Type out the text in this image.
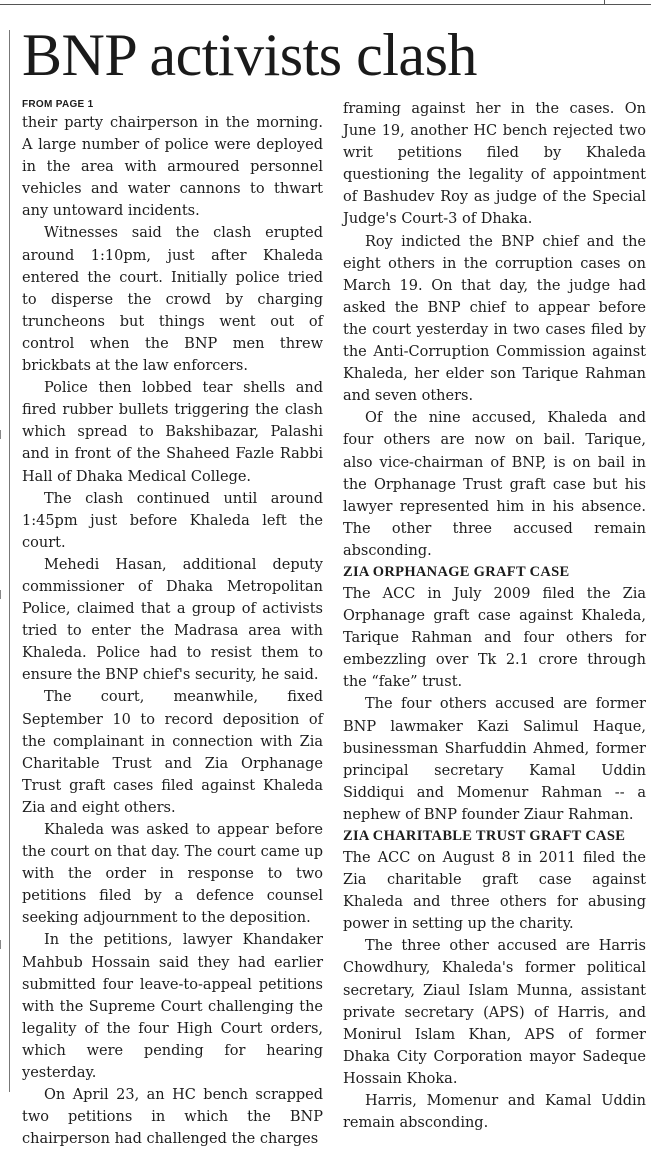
BNP activists clash
FROM PAGE 1

their party chairperson in the morning. A large number of police were deployed in the area with armoured personnel vehicles and water cannons to thwart any untoward incidents.

Witnesses said the clash erupted around 1:10pm, just after Khaleda entered the court. Initially police tried to disperse the crowd by charging truncheons but things went out of control when the BNP men threw brickbats at the law enforcers.

Police then lobbed tear shells and fired rubber bullets triggering the clash which spread to Bakshibazar, Palashi and in front of the Shaheed Fazle Rabbi Hall of Dhaka Medical College.

The clash continued until around 1:45pm just before Khaleda left the court.

Mehedi Hasan, additional deputy commissioner of Dhaka Metropolitan Police, claimed that a group of activists tried to enter the Madrasa area with Khaleda. Police had to resist them to ensure the BNP chief's security, he said.

The court, meanwhile, fixed September 10 to record deposition of the complainant in connection with Zia Charitable Trust and Zia Orphanage Trust graft cases filed against Khaleda Zia and eight others.

Khaleda was asked to appear before the court on that day. The court came up with the order in response to two petitions filed by a defence counsel seeking adjournment to the deposition.

In the petitions, lawyer Khandaker Mahbub Hossain said they had earlier submitted four leave-to-appeal petitions with the Supreme Court challenging the legality of the four High Court orders, which were pending for hearing yesterday.

On April 23, an HC bench scrapped two petitions in which the BNP chairperson had challenged the charges

framing against her in the cases. On June 19, another HC bench rejected two writ petitions filed by Khaleda questioning the legality of appointment of Bashudev Roy as judge of the Special Judge's Court-3 of Dhaka.

Roy indicted the BNP chief and the eight others in the corruption cases on March 19. On that day, the judge had asked the BNP chief to appear before the court yesterday in two cases filed by the Anti-Corruption Commission against Khaleda, her elder son Tarique Rahman and seven others.

Of the nine accused, Khaleda and four others are now on bail. Tarique, also vice-chairman of BNP, is on bail in the Orphanage Trust graft case but his lawyer represented him in his absence. The other three accused remain absconding.

ZIA ORPHANAGE GRAFT CASE

The ACC in July 2009 filed the Zia Orphanage graft case against Khaleda, Tarique Rahman and four others for embezzling over Tk 2.1 crore through the “fake” trust.

The four others accused are former BNP lawmaker Kazi Salimul Haque, businessman Sharfuddin Ahmed, former principal secretary Kamal Uddin Siddiqui and Momenur Rahman -- a nephew of BNP founder Ziaur Rahman.

ZIA CHARITABLE TRUST GRAFT CASE

The ACC on August 8 in 2011 filed the Zia charitable graft case against Khaleda and three others for abusing power in setting up the charity.

The three other accused are Harris Chowdhury, Khaleda's former political secretary, Ziaul Islam Munna, assistant private secretary (APS) of Harris, and Monirul Islam Khan, APS of former Dhaka City Corporation mayor Sadeque Hossain Khoka.

Harris, Momenur and Kamal Uddin remain absconding.
